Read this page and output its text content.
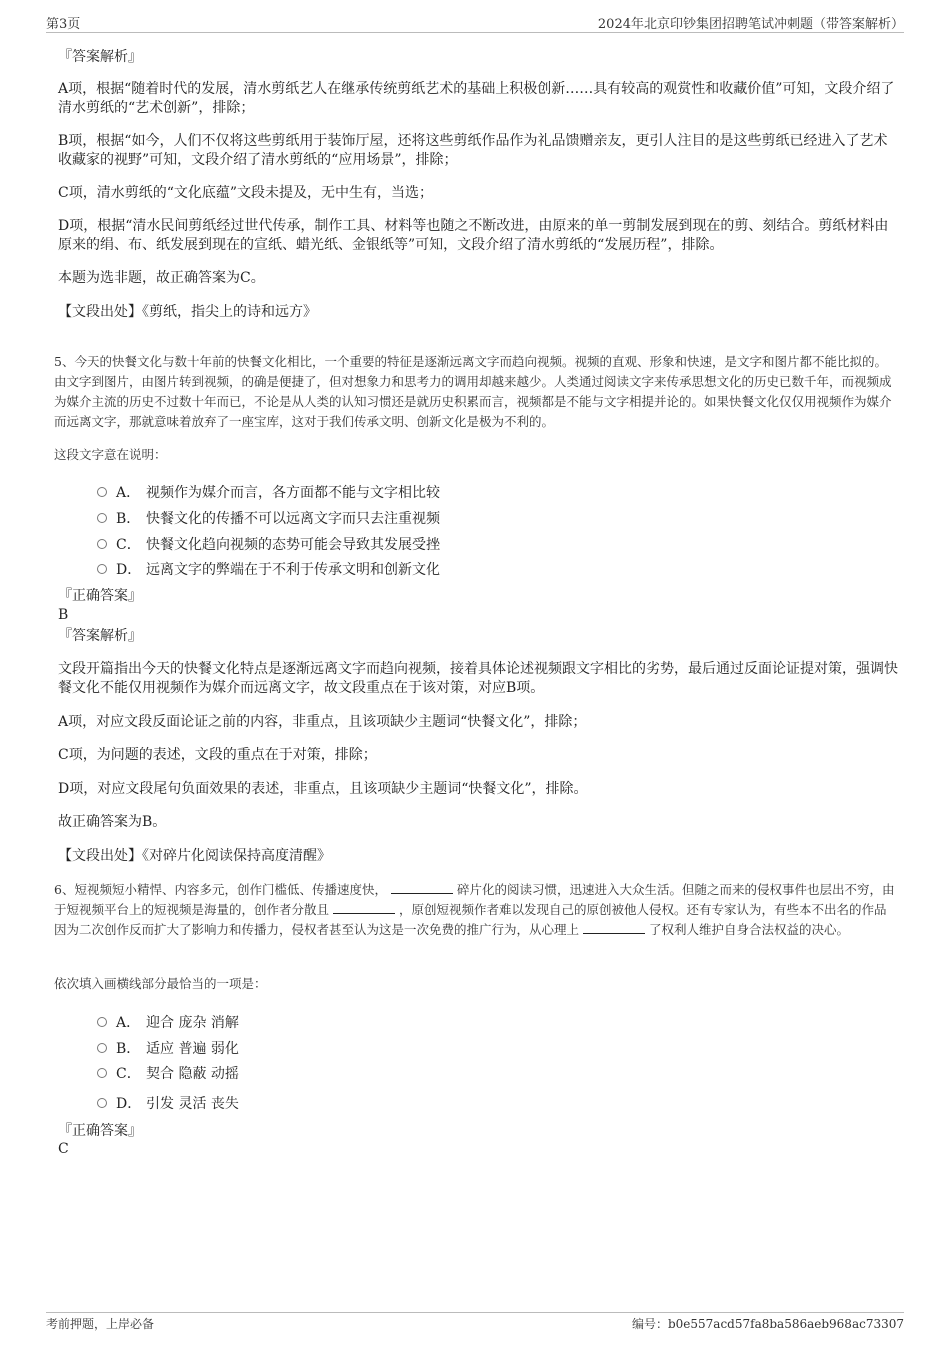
第3页	2024年北京印钞集团招聘笔试冲刺题（带答案解析）

『答案解析』

A项，根据“随着时代的发展，清水剪纸艺人在继承传统剪纸艺术的基础上积极创新……具有较高的观赏性和收藏价值”可知，文段介绍了清水剪纸的“艺术创新”，排除；

B项，根据“如今，人们不仅将这些剪纸用于装饰厅屋，还将这些剪纸作品作为礼品馈赠亲友，更引人注目的是这些剪纸已经进入了艺术收藏家的视野”可知，文段介绍了清水剪纸的“应用场景”，排除；

C项，清水剪纸的“文化底蕴”文段未提及，无中生有，当选；

D项，根据“清水民间剪纸经过世代传承，制作工具、材料等也随之不断改进，由原来的单一剪制发展到现在的剪、刻结合。剪纸材料由原来的绢、布、纸发展到现在的宣纸、蜡光纸、金银纸等”可知，文段介绍了清水剪纸的“发展历程”，排除。

本题为选非题，故正确答案为C。

【文段出处】《剪纸，指尖上的诗和远方》

5、今天的快餐文化与数十年前的快餐文化相比，一个重要的特征是逐渐远离文字而趋向视频。视频的直观、形象和快速，是文字和图片都不能比拟的。由文字到图片，由图片转到视频，的确是便捷了，但对想象力和思考力的调用却越来越少。人类通过阅读文字来传承思想文化的历史已数千年，而视频成为媒介主流的历史不过数十年而已，不论是从人类的认知习惯还是就历史积累而言，视频都是不能与文字相提并论的。如果快餐文化仅仅用视频作为媒介而远离文字，那就意味着放弃了一座宝库，这对于我们传承文明、创新文化是极为不利的。

这段文字意在说明：

A． 视频作为媒介而言，各方面都不能与文字相比较
B． 快餐文化的传播不可以远离文字而只去注重视频
C． 快餐文化趋向视频的态势可能会导致其发展受挫
D． 远离文字的弊端在于不利于传承文明和创新文化

『正确答案』

B

『答案解析』

文段开篇指出今天的快餐文化特点是逐渐远离文字而趋向视频，接着具体论述视频跟文字相比的劣势，最后通过反面论证提对策，强调快餐文化不能仅用视频作为媒介而远离文字，故文段重点在于该对策，对应B项。

A项，对应文段反面论证之前的内容，非重点，且该项缺少主题词“快餐文化”，排除；

C项，为问题的表述，文段的重点在于对策，排除；

D项，对应文段尾句负面效果的表述，非重点，且该项缺少主题词“快餐文化”，排除。

故正确答案为B。

【文段出处】《对碎片化阅读保持高度清醒》

6、短视频短小精悍、内容多元，创作门槛低、传播速度快，	碎片化的阅读习惯，迅速进入大众生活。但随之而来的侵权事件也层出不穷，由于短视频平台上的短视频是海量的，创作者分散且	，原创短视频作者难以发现自己的原创被他人侵权。还有专家认为，有些本不出名的作品因为二次创作反而扩大了影响力和传播力，侵权者甚至认为这是一次免费的推广行为，从心理上	了权利人维护自身合法权益的决心。

依次填入画横线部分最恰当的一项是：

A． 迎合 庞杂 消解
B． 适应 普遍 弱化
C． 契合 隐蔽 动摇
D． 引发 灵活 丧失

『正确答案』

C

考前押题，上岸必备	编号：b0e557acd57fa8ba586aeb968ac73307
